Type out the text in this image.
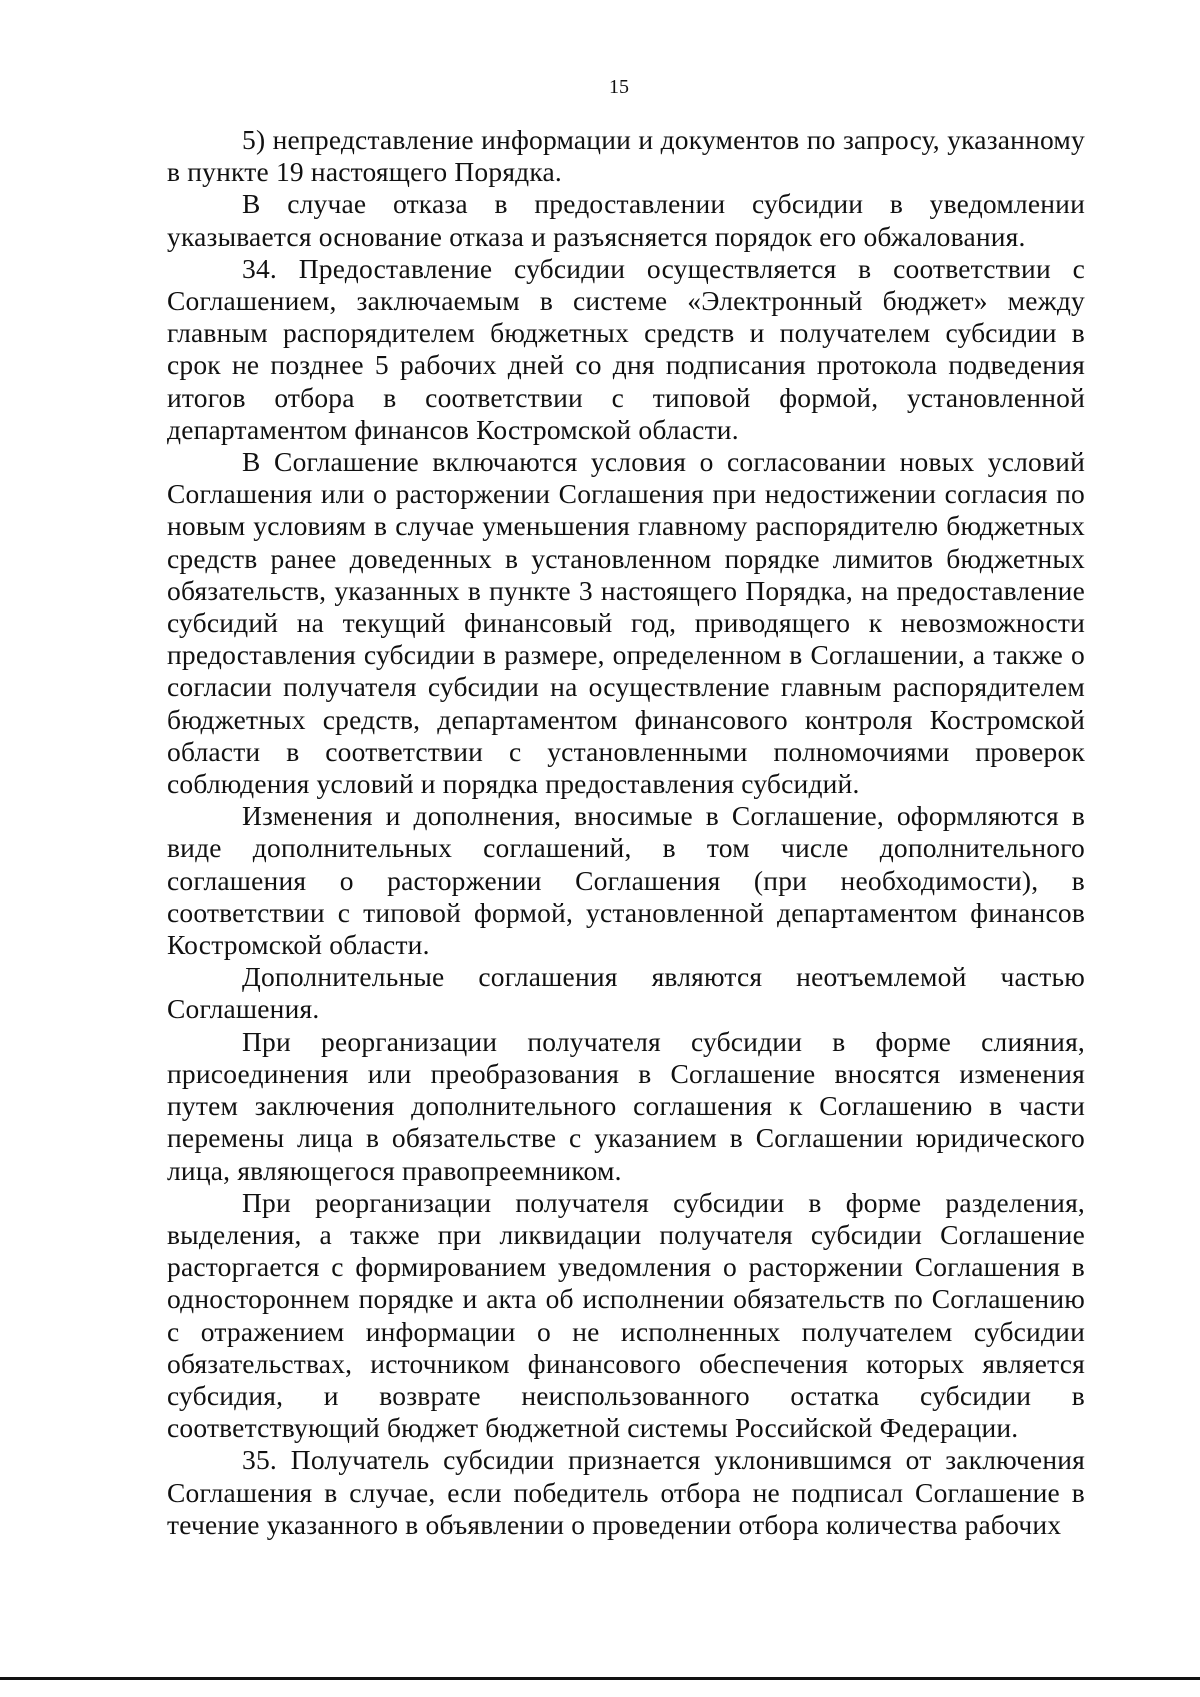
15

5) непредставление информации и документов по запросу, указанному в пункте 19 настоящего Порядка.

В случае отказа в предоставлении субсидии в уведомлении указывается основание отказа и разъясняется порядок его обжалования.

34. Предоставление субсидии осуществляется в соответствии с Соглашением, заключаемым в системе «Электронный бюджет» между главным распорядителем бюджетных средств и получателем субсидии в срок не позднее 5 рабочих дней со дня подписания протокола подведения итогов отбора в соответствии с типовой формой, установленной департаментом финансов Костромской области.

В Соглашение включаются условия о согласовании новых условий Соглашения или о расторжении Соглашения при недостижении согласия по новым условиям в случае уменьшения главному распорядителю бюджетных средств ранее доведенных в установленном порядке лимитов бюджетных обязательств, указанных в пункте 3 настоящего Порядка, на предоставление субсидий на текущий финансовый год, приводящего к невозможности предоставления субсидии в размере, определенном в Соглашении, а также о согласии получателя субсидии на осуществление главным распорядителем бюджетных средств, департаментом финансового контроля Костромской области в соответствии с установленными полномочиями проверок соблюдения условий и порядка предоставления субсидий.

Изменения и дополнения, вносимые в Соглашение, оформляются в виде дополнительных соглашений, в том числе дополнительного соглашения о расторжении Соглашения (при необходимости), в соответствии с типовой формой, установленной департаментом финансов Костромской области.

Дополнительные соглашения являются неотъемлемой частью Соглашения.

При реорганизации получателя субсидии в форме слияния, присоединения или преобразования в Соглашение вносятся изменения путем заключения дополнительного соглашения к Соглашению в части перемены лица в обязательстве с указанием в Соглашении юридического лица, являющегося правопреемником.

При реорганизации получателя субсидии в форме разделения, выделения, а также при ликвидации получателя субсидии Соглашение расторгается с формированием уведомления о расторжении Соглашения в одностороннем порядке и акта об исполнении обязательств по Соглашению с отражением информации о не исполненных получателем субсидии обязательствах, источником финансового обеспечения которых является субсидия, и возврате неиспользованного остатка субсидии в соответствующий бюджет бюджетной системы Российской Федерации.

35. Получатель субсидии признается уклонившимся от заключения Соглашения в случае, если победитель отбора не подписал Соглашение в течение указанного в объявлении о проведении отбора количества рабочих
